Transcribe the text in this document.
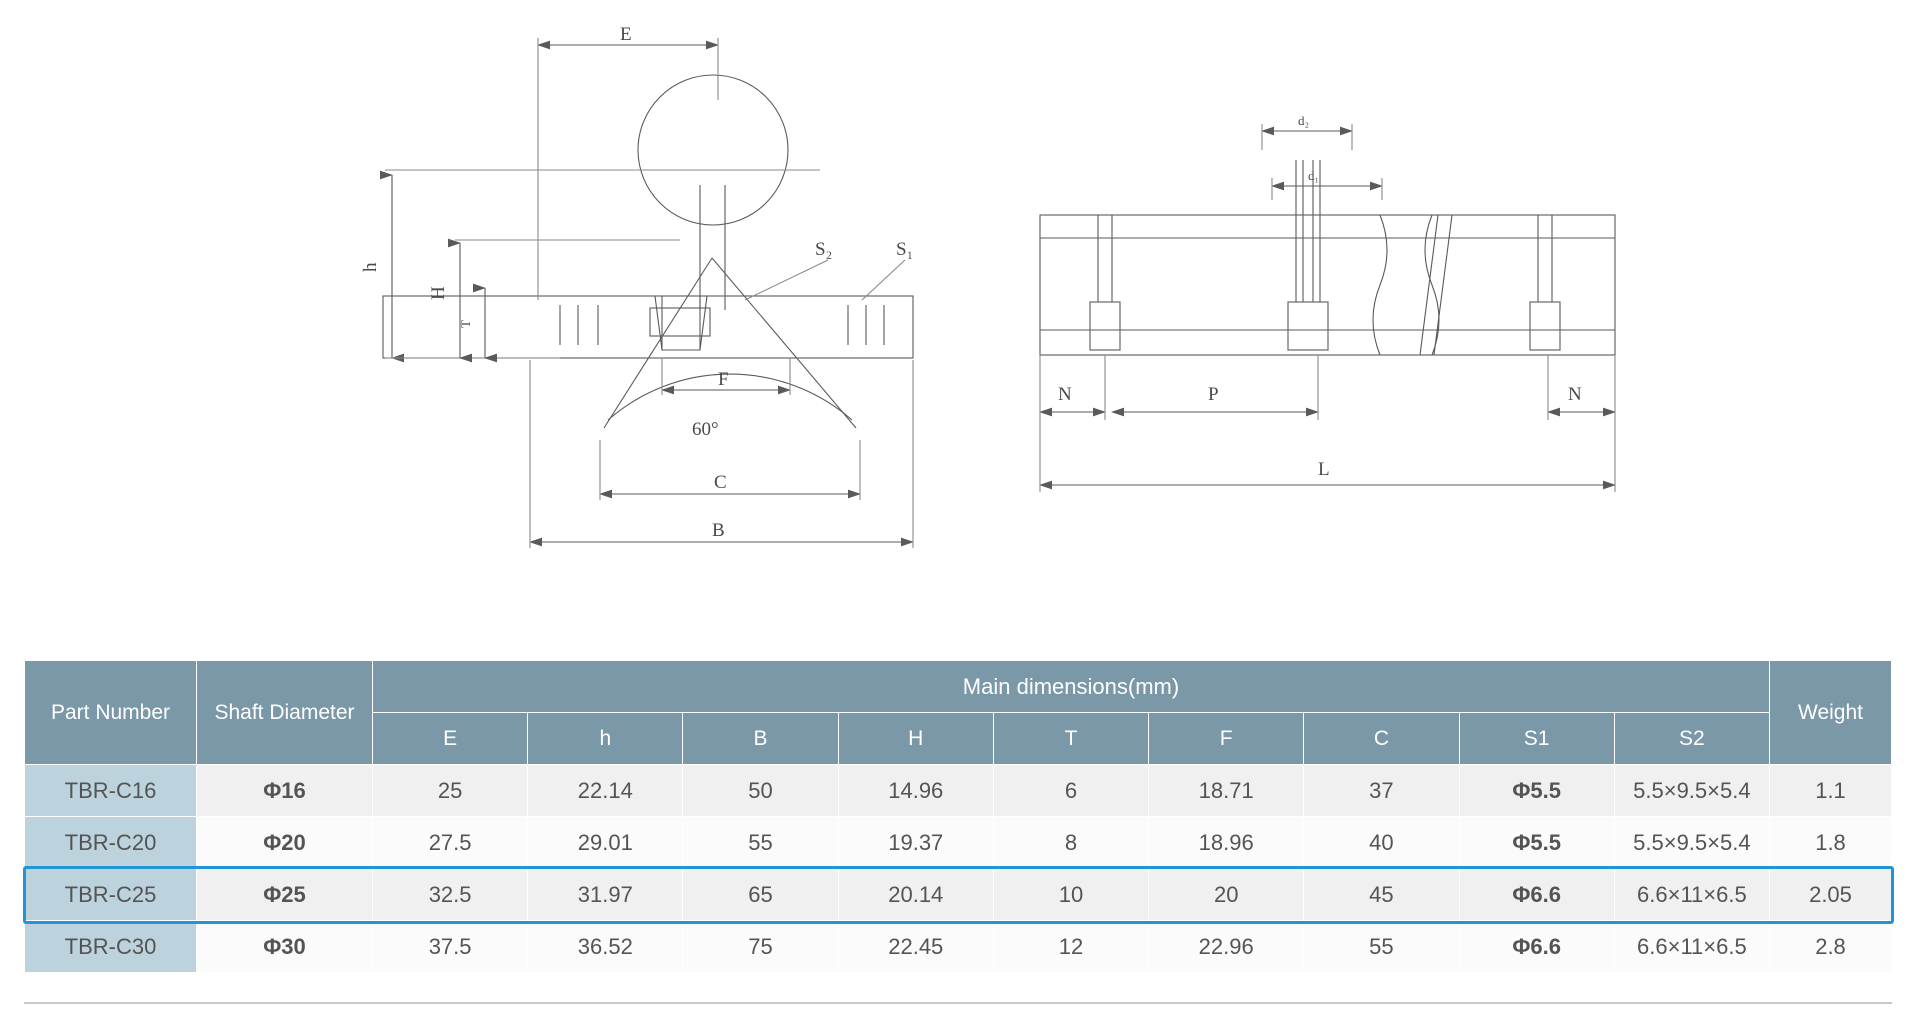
E
h
H
T
F
C
B
S₁
S₂
60°
d₂
d₁
N	P	N
L
Part Number	Shaft Diameter	Main dimensions(mm)									Weight
		E	h	B	H	T	F	C	S1	S2	
TBR-C16	Φ16	25	22.14	50	14.96	6	18.71	37	Φ5.5	5.5×9.5×5.4	1.1
TBR-C20	Φ20	27.5	29.01	55	19.37	8	18.96	40	Φ5.5	5.5×9.5×5.4	1.8
TBR-C25	Φ25	32.5	31.97	65	20.14	10	20	45	Φ6.6	6.6×11×6.5	2.05
TBR-C30	Φ30	37.5	36.52	75	22.45	12	22.96	55	Φ6.6	6.6×11×6.5	2.8
